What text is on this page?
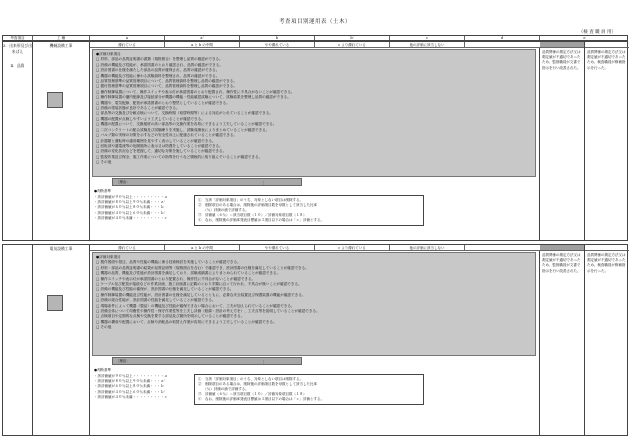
考査項目別運用表（土木）
（検 査 職 員 用）
考査項目	工 種	a	a'	b	b'	c	d	e
3．出来形及び出来ばえ
Ⅱ．品質
機械設備工事	優れている	a と b の中間	やや優れている	c より優れている	他の評価に該当しない
●評価対象項目
□ 材料、部品の品質証明書の書類（規格照合）を整理し品質の確認ができる。
□ 設備の機能及び性能が、承諾図書のとおり確認され、品質の確認ができる。
□ 設計図書の仕様を満たした部品の品質が確保され、品質の確認ができる。
□ 機器の機能及び性能に係わる試験資料を整理され、品質の確認ができる。
□ 品質管理基準の品質管理項目について、品質管理資料を整理し品質の確認ができる。
□ 据付管理基準の品質管理項目について、品質管理資料を整理し品質の確認ができる。
□ 操作制御装置について、操作スイッチや表示灯が承諾図書のとおり配置され、操作性に不具合がないことが確認できる。
□ 操作制御装置の盤内配線及び接続部分が機器の機能・性能確認試験について、試験結果を整理し品質の確認ができる。
□ 機器や、電気配線、配管が承諾図書のとおり整然としていることが確認できる。
□ 設備の塗装状態が良好であることが確認できる。
□ 部品等の交換及び分解点検について、交換時期（取替時期等）による対応がとれていることが確認できる。
□ 機器の配置が点検しやすいよう工夫していることが確認できる。
□ 機器の配置について、交換頻度の高い部品等の交換作業を容易にできるよう工夫していることが確認できる。
□ 二次コンクリートの配合試験及び試験練りを実施し、試験成績表によりまとめていることが確認できる。
□ バルブ類の実稼の対策を示すなどの安全性向上に配慮されていることが確認できる。
□ 計器類と運転時の適用範囲を見やすく表示していることが確認できる。
□ 回転部や過電流等の危険箇所に表示又は防護をしていることが確認できる。
□ 設備の変化状況などを把握して、適切な対策を施していることが確認できる。
□ 監視作業及び保全、施工作業についての指導を行うなど積極的に取り組んでいることが確認できる。
□ その他
［理由：	］
●判断基準
・該評価値が９０％以上・・・・・・・・・ａ
・該評価値が８０％以上９０％未満・・・ａ'
・該評価値が６０％以上８０％未満・・・ｂ
・該評価値が４０％以上６０％未満・・・ｂ'
・該評価値が４０％未満・・・・・・・・・ｃ
①　当該「評価対象項目」のうち、対象としない項目は削除する。
②　削除項目のある場合は、削除後の評価項目数を母数として該当した比率
　　（％）評価の値で評価する。
③　評価値（６％）＝該当項目数（１０）／評価対象項目数（１８）
④　なお、削除後の評価率発表目標値は３項目以下の場合は「ｃ」評価とする。
品質関係の測定方法又は測定値が不適切であったため、監督職員が文書で指示を行い改善された。
品質関係の測定方法又は測定値が不適切であったため、検査職員が修補指示を行った。
電気設備工事	優れている	a と b の中間	やや優れている	c より優れている	他の評価に該当しない
●評価対象項目
□ 製作図面や発注、品質や性能の機能に係る技術検討を実施していることが確認できる。
□ 材料・部品の品質証明書の結果が品質証明等（規格照合を含む）で確認でき、設計図書の仕様を満足していることが確認できる。
□ 機器の品質、機能及び性能が設計図書を満足しており、試験成績書によりまとめられていることが確認できる。
□ 操作スイッチや表示灯が承諾図書のとおり配置され、操作性に不具合がないことが確認できる。
□ ケーブル及び配管が接続などの作業計画、施工計画書に記載のとおり手順に沿って行われ、不具合が無いことが確認できる。
□ 設備の機能及び性能の確保が、設計図書の仕様を満足していることが確認できる。
□ 操作制御装置の機能及び性能が、設計図書の仕様を満足しているとともに、必要な安全装置及び保護装置の機能が確認できる。
□ 設備の総合性能が、設計図書の性能を満足していることが確認できる。
□ 現場条件によって機器（製品）の機能及び性能が確保できない場合において、工夫が加えられていることが確認できる。
□ 設備全体について均衡性や操作性・保守作業性等を工夫し評価（経緯・設計の考え方を）、工夫点等を説明していることが確認できる。
□ 点検項目や定期的な点検や交換を要する部品及び箇所を明示していることが確認できる。
□ 機器の構成や配置において、点検や消耗品の取替え作業が容易にできるよう工夫していることが確認できる。
□ その他
［理由：	］
●判断基準
・該評価値が９０％以上・・・・・・・・・ａ
・該評価値が８０％以上９０％未満・・・ａ'
・該評価値が６０％以上８０％未満・・・ｂ
・該評価値が４０％以上６０％未満・・・ｂ'
・該評価値が４０％未満・・・・・・・・・ｃ
①　当該「評価対象項目」のうち、対象としない項目は削除する。
②　削除項目のある場合は、削除後の評価項目数を母数として該当した比率
　　（％）評価の値で評価する。
③　評価値（６％）＝該当項目数（１０）／評価対象項目数（１８）
④　なお、削除後の評価率発表目標値は３項目以下の場合は「ｃ」評価とする。
品質関係の測定方法又は測定値が不適切であったため、監督職員が文書で指示を行い改善された。
品質関係の測定方法又は測定値が不適切であったため、検査職員が修補指示を行った。
